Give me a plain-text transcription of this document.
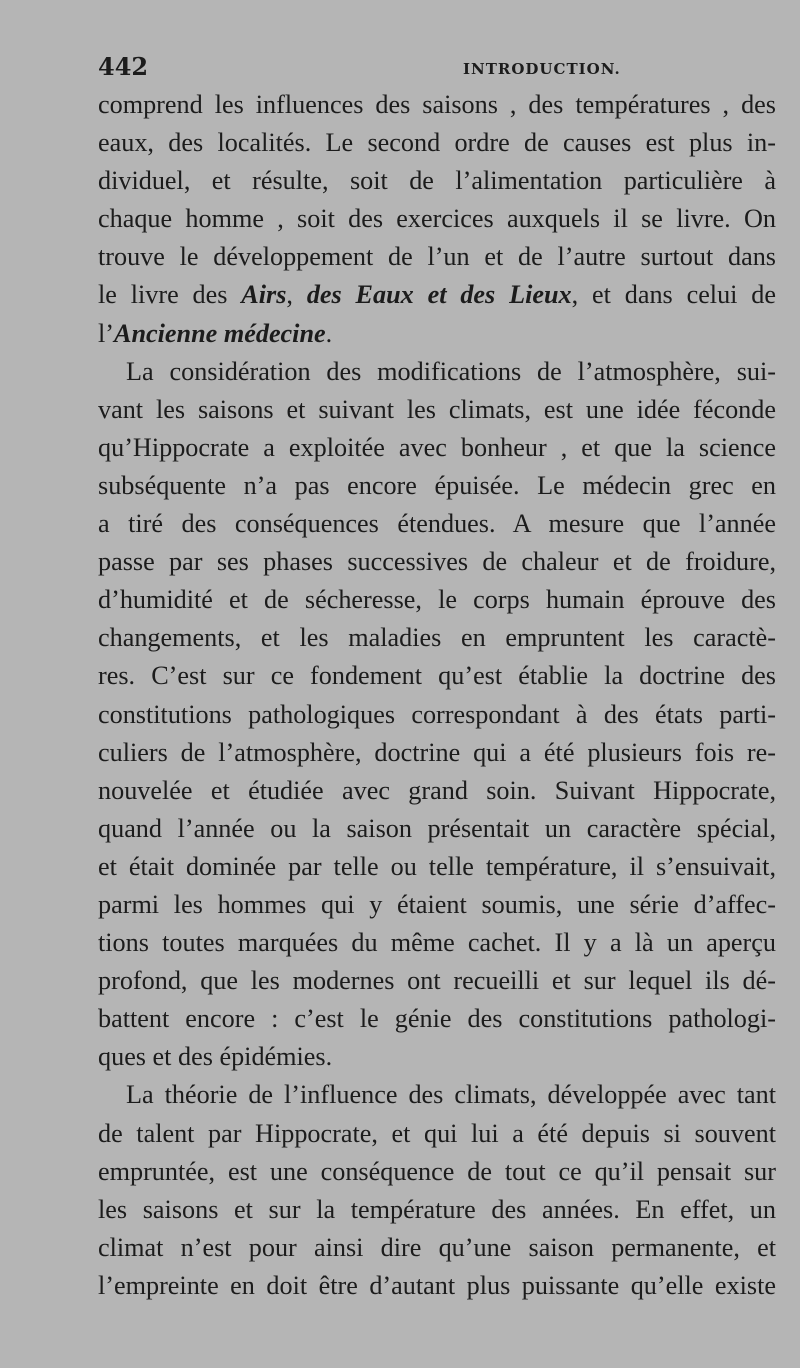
442	INTRODUCTION.
comprend les influences des saisons , des températures , des
eaux, des localités. Le second ordre de causes est plus in-
dividuel, et résulte, soit de l’alimentation particulière à
chaque homme , soit des exercices auxquels il se livre. On
trouve le développement de l’un et de l’autre surtout dans
le livre des Airs, des Eaux et des Lieux, et dans celui de
l’Ancienne médecine.
La considération des modifications de l’atmosphère, sui-
vant les saisons et suivant les climats, est une idée féconde
qu’Hippocrate a exploitée avec bonheur , et que la science
subséquente n’a pas encore épuisée. Le médecin grec en
a tiré des conséquences étendues. A mesure que l’année
passe par ses phases successives de chaleur et de froidure,
d’humidité et de sécheresse, le corps humain éprouve des
changements, et les maladies en empruntent les caractè-
res. C’est sur ce fondement qu’est établie la doctrine des
constitutions pathologiques correspondant à des états parti-
culiers de l’atmosphère, doctrine qui a été plusieurs fois re-
nouvelée et étudiée avec grand soin. Suivant Hippocrate,
quand l’année ou la saison présentait un caractère spécial,
et était dominée par telle ou telle température, il s’ensuivait,
parmi les hommes qui y étaient soumis, une série d’affec-
tions toutes marquées du même cachet. Il y a là un aperçu
profond, que les modernes ont recueilli et sur lequel ils dé-
battent encore : c’est le génie des constitutions pathologi-
ques et des épidémies.
La théorie de l’influence des climats, développée avec tant
de talent par Hippocrate, et qui lui a été depuis si souvent
empruntée, est une conséquence de tout ce qu’il pensait sur
les saisons et sur la température des années. En effet, un
climat n’est pour ainsi dire qu’une saison permanente, et
l’empreinte en doit être d’autant plus puissante qu’elle existe
